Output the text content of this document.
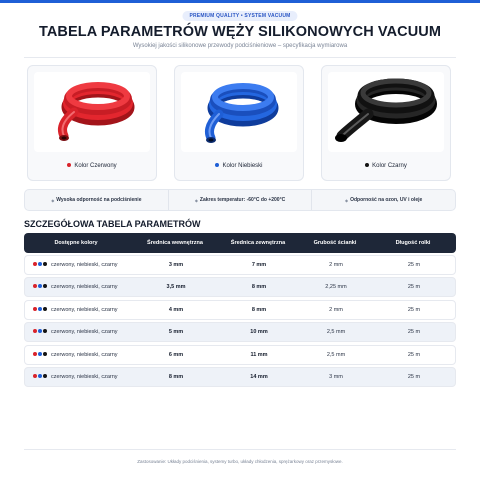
PREMIUM QUALITY • SYSTEM VACUUM
TABELA PARAMETRÓW WĘŻY SILIKONOWYCH VACUUM
Wysokiej jakości silikonowe przewody podciśnieniowe – specyfikacja wymiarowa
Kolor Czerwony	Kolor Niebieski	Kolor Czarny
◆ Wysoka odporność na podciśnienie	◆ Zakres temperatur: -60°C do +200°C	◆ Odporność na ozon, UV i oleje
SZCZEGÓŁOWA TABELA PARAMETRÓW
Dostępne kolory	Średnica wewnętrzna	Średnica zewnętrzna	Grubość ścianki	Długość rolki
czerwony, niebieski, czarny	3 mm	7 mm	2 mm	25 m
czerwony, niebieski, czarny	3,5 mm	8 mm	2,25 mm	25 m
czerwony, niebieski, czarny	4 mm	8 mm	2 mm	25 m
czerwony, niebieski, czarny	5 mm	10 mm	2,5 mm	25 m
czerwony, niebieski, czarny	6 mm	11 mm	2,5 mm	25 m
czerwony, niebieski, czarny	8 mm	14 mm	3 mm	25 m
Zastosowanie: Układy podciśnienia, systemy turbo, układy chłodzenia, sprężarkowy oraz przemysłowe.
